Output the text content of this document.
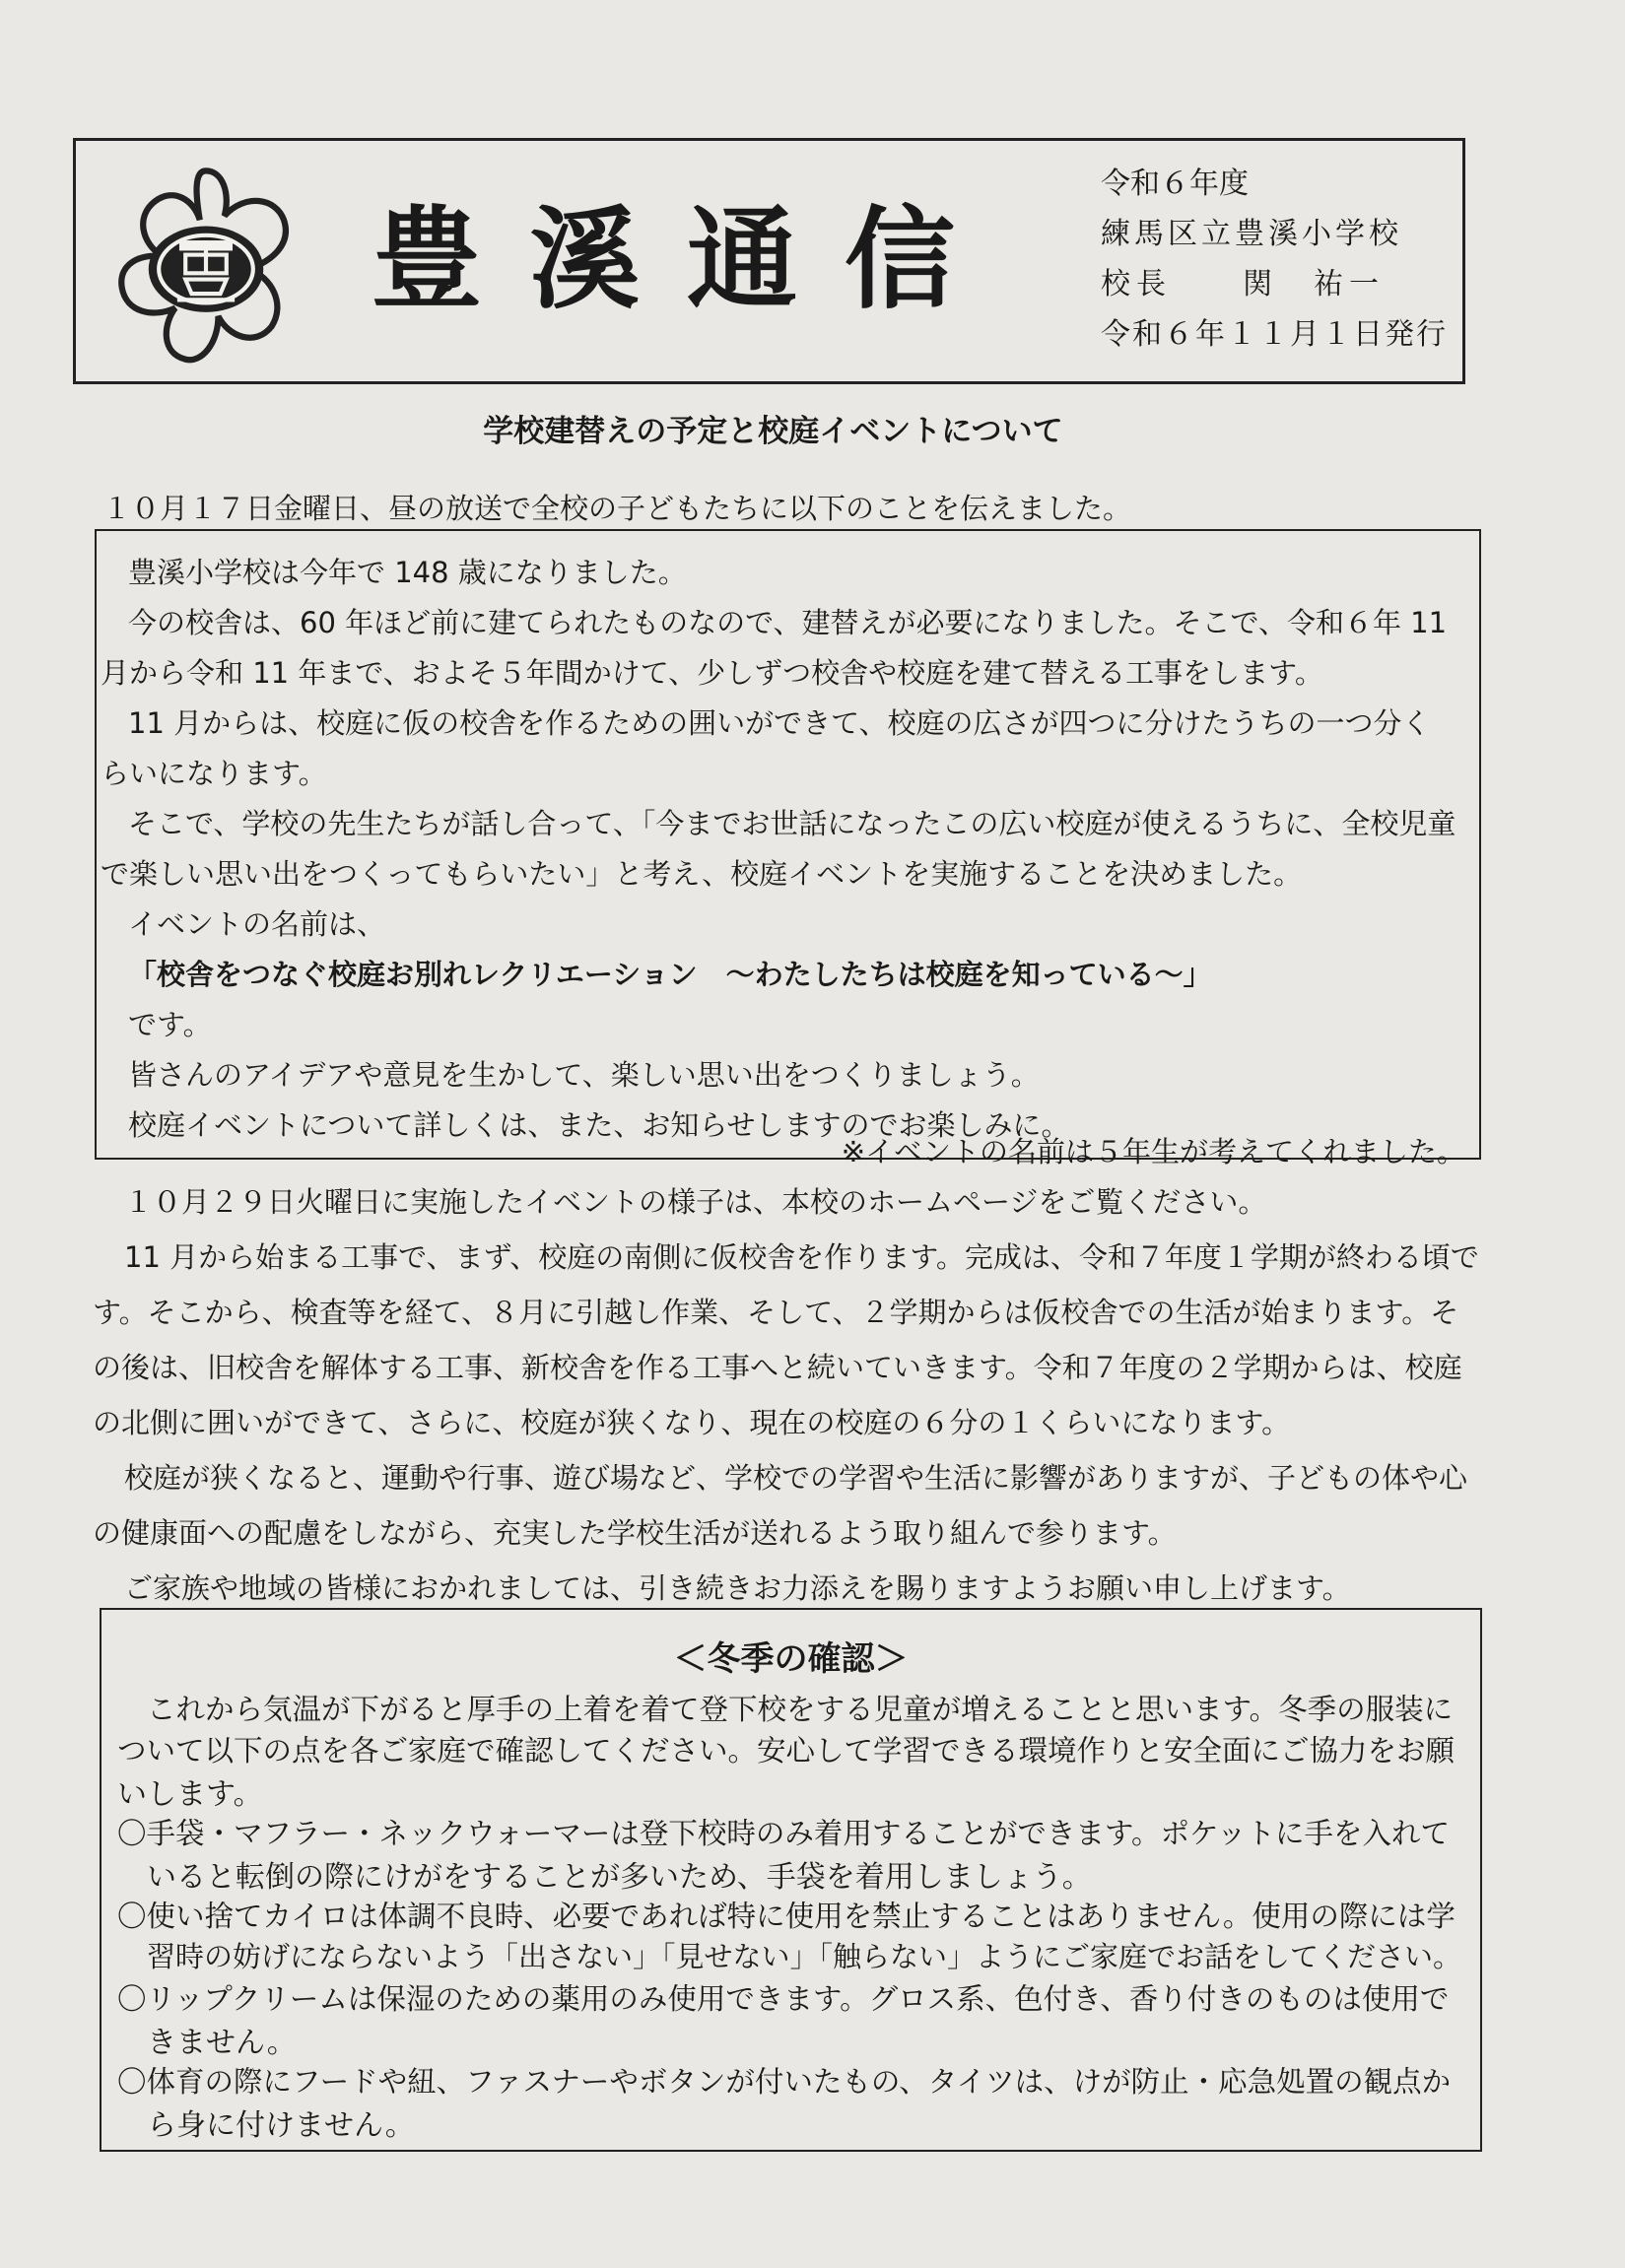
豊溪通信
令和６年度
練馬区立豊溪小学校
校長　　関　祐一
令和６年１１月１日発行
学校建替えの予定と校庭イベントについて

１０月１７日金曜日、昼の放送で全校の子どもたちに以下のことを伝えました。

豊溪小学校は今年で 148 歳になりました。
今の校舎は、60 年ほど前に建てられたものなので、建替えが必要になりました。そこで、令和６年 11
月から令和 11 年まで、およそ５年間かけて、少しずつ校舎や校庭を建て替える工事をします。
11 月からは、校庭に仮の校舎を作るための囲いができて、校庭の広さが四つに分けたうちの一つ分く
らいになります。
そこで、学校の先生たちが話し合って、「今までお世話になったこの広い校庭が使えるうちに、全校児童
で楽しい思い出をつくってもらいたい」と考え、校庭イベントを実施することを決めました。
イベントの名前は、
「校舎をつなぐ校庭お別れレクリエーション　～わたしたちは校庭を知っている～」
です。
皆さんのアイデアや意見を生かして、楽しい思い出をつくりましょう。
校庭イベントについて詳しくは、また、お知らせしますのでお楽しみに。
※イベントの名前は５年生が考えてくれました。

１０月２９日火曜日に実施したイベントの様子は、本校のホームページをご覧ください。

11 月から始まる工事で、まず、校庭の南側に仮校舎を作ります。完成は、令和７年度１学期が終わる頃で

す。そこから、検査等を経て、８月に引越し作業、そして、２学期からは仮校舎での生活が始まります。そ

の後は、旧校舎を解体する工事、新校舎を作る工事へと続いていきます。令和７年度の２学期からは、校庭

の北側に囲いができて、さらに、校庭が狭くなり、現在の校庭の６分の１くらいになります。

校庭が狭くなると、運動や行事、遊び場など、学校での学習や生活に影響がありますが、子どもの体や心

の健康面への配慮をしながら、充実した学校生活が送れるよう取り組んで参ります。

＜冬季の確認＞
これから気温が下がると厚手の上着を着て登下校をする児童が増えることと思います。冬季の服装に
ついて以下の点を各ご家庭で確認してください。安心して学習できる環境作りと安全面にご協力をお願
いします。
〇手袋・マフラー・ネックウォーマーは登下校時のみ着用することができます。ポケットに手を入れて
いると転倒の際にけがをすることが多いため、手袋を着用しましょう。
〇使い捨てカイロは体調不良時、必要であれば特に使用を禁止することはありません。使用の際には学
習時の妨げにならないよう「出さない」「見せない」「触らない」ようにご家庭でお話をしてください。
〇リップクリームは保湿のための薬用のみ使用できます。グロス系、色付き、香り付きのものは使用で
きません。
〇体育の際にフードや紐、ファスナーやボタンが付いたもの、タイツは、けが防止・応急処置の観点か
ら身に付けません。

ご家族や地域の皆様におかれましては、引き続きお力添えを賜りますようお願い申し上げます。
